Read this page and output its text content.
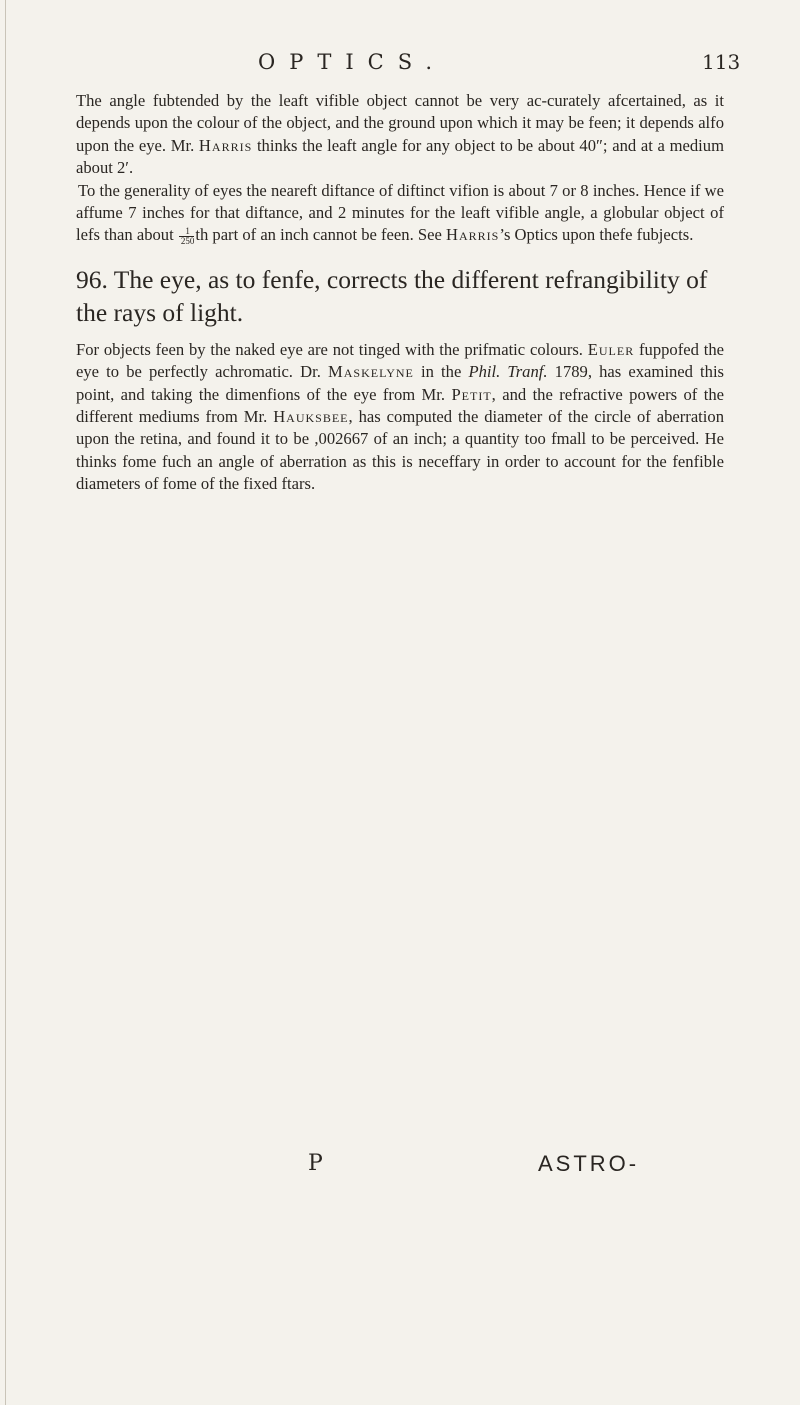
OPTICS.	113

The angle fubtended by the leaft vifible object cannot be very ac-curately afcertained, as it depends upon the colour of the object, and the ground upon which it may be feen; it depends alfo upon the eye. Mr. Harris thinks the leaft angle for any object to be about 40″; and at a medium about 2′.

To the generality of eyes the neareft diftance of diftinct vifion is about 7 or 8 inches. Hence if we affume 7 inches for that diftance, and 2 minutes for the leaft vifible angle, a globular object of lefs than about $\frac{1}{250}$ th part of an inch cannot be feen. See Harris’s Optics upon thefe fubjects.

96. The eye, as to fenfe, corrects the different refrangibility of the rays of light.

For objects feen by the naked eye are not tinged with the prifmatic colours. Euler fuppofed the eye to be perfectly achromatic. Dr. Maskelyne in the Phil. Tranf. 1789, has examined this point, and taking the dimenfions of the eye from Mr. Petit, and the refractive powers of the different mediums from Mr. Hauksbee, has computed the diameter of the circle of aberration upon the retina, and found it to be ,002667 of an inch; a quantity too fmall to be perceived. He thinks fome fuch an angle of aberration as this is neceffary in order to account for the fenfible diameters of fome of the fixed ftars.

P	ASTRO-
